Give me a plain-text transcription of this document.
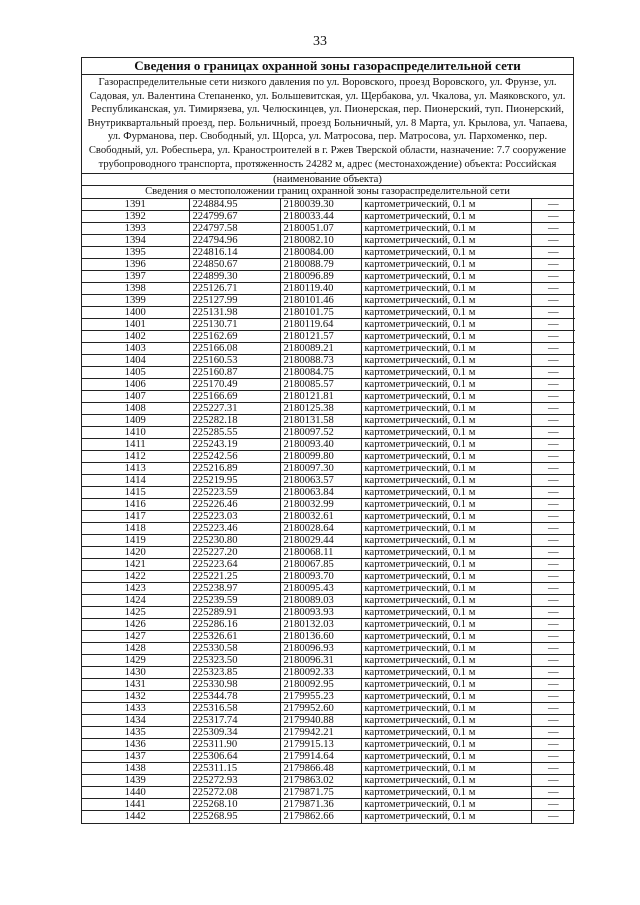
33
Сведения о границах охранной зоны газораспределительной сети
Газораспределительные сети низкого давления по ул. Воровского, проезд Воровского, ул. Фрунзе, ул. Садовая, ул. Валентина Степаненко, ул. Большевитская, ул. Щербакова, ул. Чкалова, ул. Маяковского, ул. Республиканская, ул. Тимирязева, ул. Челюскинцев, ул. Пионерская, пер. Пионерский, туп. Пионерский, Внутриквартальный проезд, пер. Больничный, проезд Больничный, ул. 8 Марта, ул. Крылова, ул. Чапаева, ул. Фурманова, пер. Свободный, ул. Щорса, ул. Матросова, пер. Матросова, ул. Пархоменко, пер. Свободный, ул. Робеспьера, ул. Краностроителей в г. Ржев Тверской области, назначение: 7.7 сооружение трубопроводного транспорта, протяженность 24282 м, адрес (местонахождение) объекта: Российская
(наименование объекта)
Сведения о местоположении границ охранной зоны газораспределительной сети
1391	224884.95	2180039.30	картометрический, 0.1 м	—
1392	224799.67	2180033.44	картометрический, 0.1 м	—
1393	224797.58	2180051.07	картометрический, 0.1 м	—
1394	224794.96	2180082.10	картометрический, 0.1 м	—
1395	224816.14	2180084.00	картометрический, 0.1 м	—
1396	224850.67	2180088.79	картометрический, 0.1 м	—
1397	224899.30	2180096.89	картометрический, 0.1 м	—
1398	225126.71	2180119.40	картометрический, 0.1 м	—
1399	225127.99	2180101.46	картометрический, 0.1 м	—
1400	225131.98	2180101.75	картометрический, 0.1 м	—
1401	225130.71	2180119.64	картометрический, 0.1 м	—
1402	225162.69	2180121.57	картометрический, 0.1 м	—
1403	225166.08	2180089.21	картометрический, 0.1 м	—
1404	225160.53	2180088.73	картометрический, 0.1 м	—
1405	225160.87	2180084.75	картометрический, 0.1 м	—
1406	225170.49	2180085.57	картометрический, 0.1 м	—
1407	225166.69	2180121.81	картометрический, 0.1 м	—
1408	225227.31	2180125.38	картометрический, 0.1 м	—
1409	225282.18	2180131.58	картометрический, 0.1 м	—
1410	225285.55	2180097.52	картометрический, 0.1 м	—
1411	225243.19	2180093.40	картометрический, 0.1 м	—
1412	225242.56	2180099.80	картометрический, 0.1 м	—
1413	225216.89	2180097.30	картометрический, 0.1 м	—
1414	225219.95	2180063.57	картометрический, 0.1 м	—
1415	225223.59	2180063.84	картометрический, 0.1 м	—
1416	225226.46	2180032.99	картометрический, 0.1 м	—
1417	225223.03	2180032.61	картометрический, 0.1 м	—
1418	225223.46	2180028.64	картометрический, 0.1 м	—
1419	225230.80	2180029.44	картометрический, 0.1 м	—
1420	225227.20	2180068.11	картометрический, 0.1 м	—
1421	225223.64	2180067.85	картометрический, 0.1 м	—
1422	225221.25	2180093.70	картометрический, 0.1 м	—
1423	225238.97	2180095.43	картометрический, 0.1 м	—
1424	225239.59	2180089.03	картометрический, 0.1 м	—
1425	225289.91	2180093.93	картометрический, 0.1 м	—
1426	225286.16	2180132.03	картометрический, 0.1 м	—
1427	225326.61	2180136.60	картометрический, 0.1 м	—
1428	225330.58	2180096.93	картометрический, 0.1 м	—
1429	225323.50	2180096.31	картометрический, 0.1 м	—
1430	225323.85	2180092.33	картометрический, 0.1 м	—
1431	225330.98	2180092.95	картометрический, 0.1 м	—
1432	225344.78	2179955.23	картометрический, 0.1 м	—
1433	225316.58	2179952.60	картометрический, 0.1 м	—
1434	225317.74	2179940.88	картометрический, 0.1 м	—
1435	225309.34	2179942.21	картометрический, 0.1 м	—
1436	225311.90	2179915.13	картометрический, 0.1 м	—
1437	225306.64	2179914.64	картометрический, 0.1 м	—
1438	225311.15	2179866.48	картометрический, 0.1 м	—
1439	225272.93	2179863.02	картометрический, 0.1 м	—
1440	225272.08	2179871.75	картометрический, 0.1 м	—
1441	225268.10	2179871.36	картометрический, 0.1 м	—
1442	225268.95	2179862.66	картометрический, 0.1 м	—
